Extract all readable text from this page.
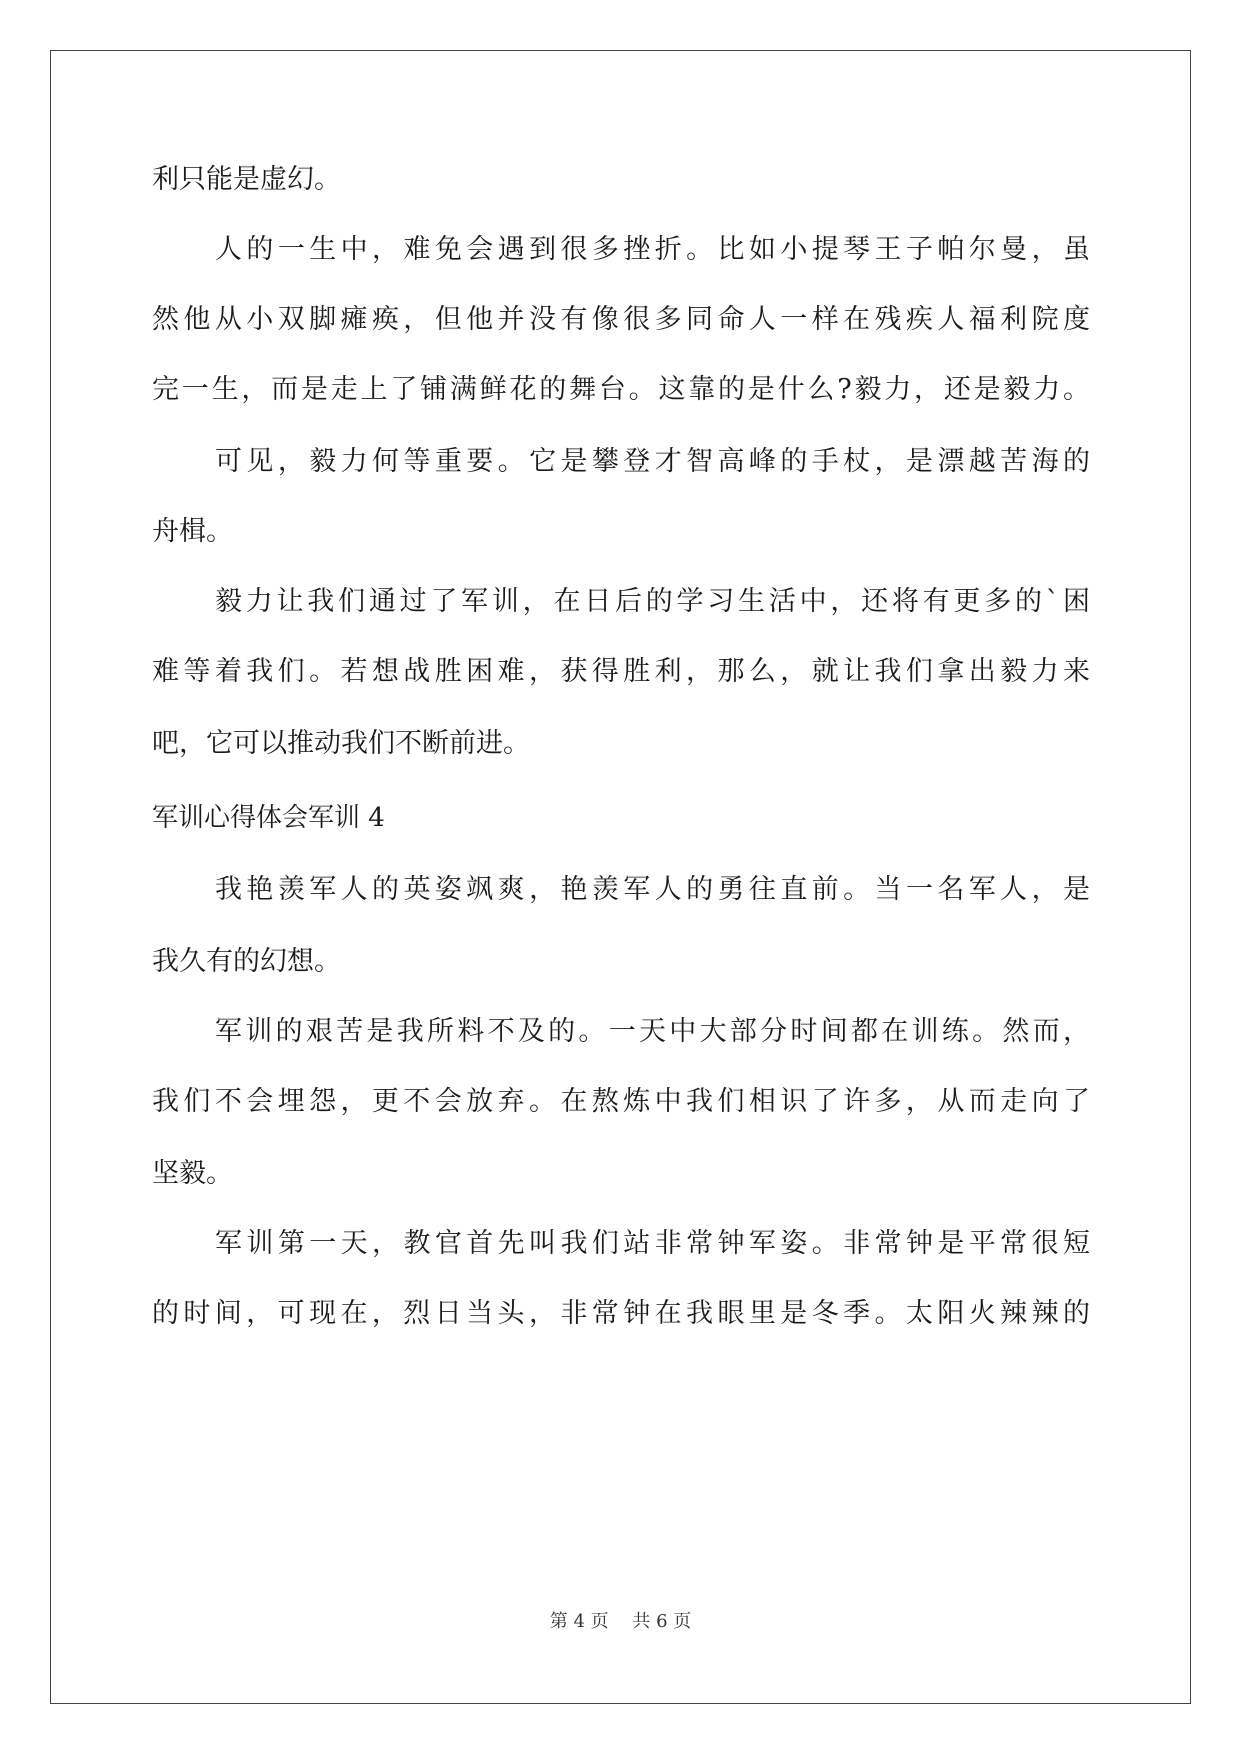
利只能是虚幻。
人的一生中，难免会遇到很多挫折。比如小提琴王子帕尔曼，虽
然他从小双脚瘫痪，但他并没有像很多同命人一样在残疾人福利院度
完一生，而是走上了铺满鲜花的舞台。这靠的是什么?毅力，还是毅力。
可见，毅力何等重要。它是攀登才智高峰的手杖，是漂越苦海的
舟楫。
毅力让我们通过了军训，在日后的学习生活中，还将有更多的`困
难等着我们。若想战胜困难，获得胜利，那么，就让我们拿出毅力来
吧，它可以推动我们不断前进。
军训心得体会军训 4
我艳羡军人的英姿飒爽，艳羡军人的勇往直前。当一名军人，是
我久有的幻想。
军训的艰苦是我所料不及的。一天中大部分时间都在训练。然而，
我们不会埋怨，更不会放弃。在熬炼中我们相识了许多，从而走向了
坚毅。
军训第一天，教官首先叫我们站非常钟军姿。非常钟是平常很短
的时间，可现在，烈日当头，非常钟在我眼里是冬季。太阳火辣辣的
第 4 页　 共 6 页
